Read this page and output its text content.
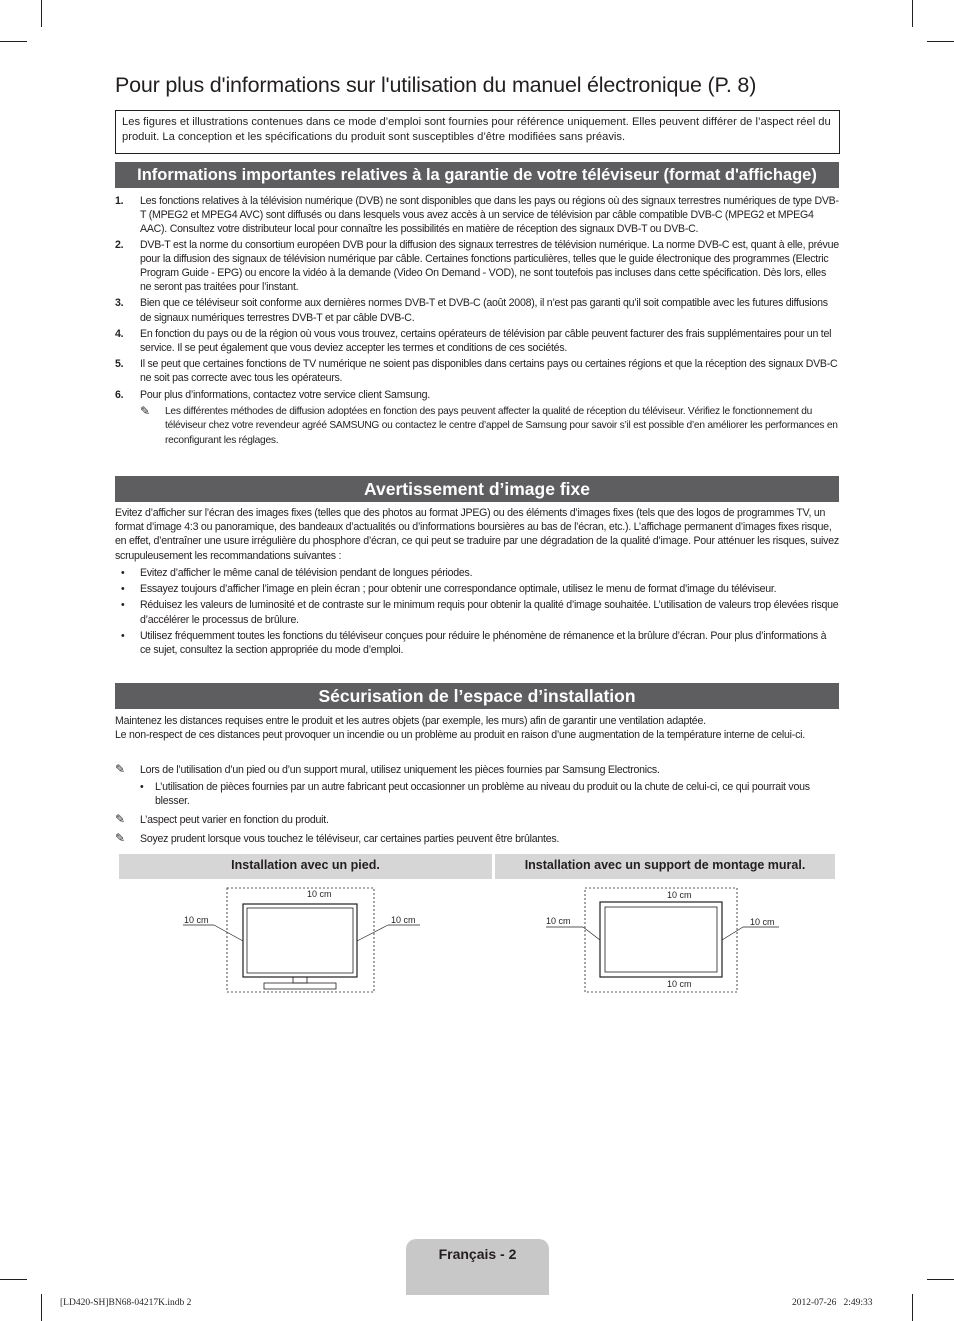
Pour plus d'informations sur l'utilisation du manuel électronique (P. 8)
Les figures et illustrations contenues dans ce mode d’emploi sont fournies pour référence uniquement. Elles peuvent différer de l’aspect réel du produit. La conception et les spécifications du produit sont susceptibles d’être modifiées sans préavis.
Informations importantes relatives à la garantie de votre téléviseur (format d'affichage)
1. Les fonctions relatives à la télévision numérique (DVB) ne sont disponibles que dans les pays ou régions où des signaux terrestres numériques de type DVB-T (MPEG2 et MPEG4 AVC) sont diffusés ou dans lesquels vous avez accès à un service de télévision par câble compatible DVB-C (MPEG2 et MPEG4 AAC). Consultez votre distributeur local pour connaître les possibilités en matière de réception des signaux DVB-T ou DVB-C.
2. DVB-T est la norme du consortium européen DVB pour la diffusion des signaux terrestres de télévision numérique. La norme DVB-C est, quant à elle, prévue pour la diffusion des signaux de télévision numérique par câble. Certaines fonctions particulières, telles que le guide électronique des programmes (Electric Program Guide - EPG) ou encore la vidéo à la demande (Video On Demand - VOD), ne sont toutefois pas incluses dans cette spécification. Dès lors, elles ne seront pas traitées pour l’instant.
3. Bien que ce téléviseur soit conforme aux dernières normes DVB-T et DVB-C (août 2008), il n’est pas garanti qu’il soit compatible avec les futures diffusions de signaux numériques terrestres DVB-T et par câble DVB-C.
4. En fonction du pays ou de la région où vous vous trouvez, certains opérateurs de télévision par câble peuvent facturer des frais supplémentaires pour un tel service. Il se peut également que vous deviez accepter les termes et conditions de ces sociétés.
5. Il se peut que certaines fonctions de TV numérique ne soient pas disponibles dans certains pays ou certaines régions et que la réception des signaux DVB-C ne soit pas correcte avec tous les opérateurs.
6. Pour plus d’informations, contactez votre service client Samsung.
✎ Les différentes méthodes de diffusion adoptées en fonction des pays peuvent affecter la qualité de réception du téléviseur. Vérifiez le fonctionnement du téléviseur chez votre revendeur agréé SAMSUNG ou contactez le centre d’appel de Samsung pour savoir s’il est possible d’en améliorer les performances en reconfigurant les réglages.
Avertissement d’image fixe

Evitez d’afficher sur l’écran des images fixes (telles que des photos au format JPEG) ou des éléments d’images fixes (tels que des logos de programmes TV, un format d’image 4:3 ou panoramique, des bandeaux d’actualités ou d’informations boursières au bas de l’écran, etc.). L’affichage permanent d’images fixes risque, en effet, d’entraîner une usure irrégulière du phosphore d’écran, ce qui peut se traduire par une dégradation de la qualité d’image. Pour atténuer les risques, suivez scrupuleusement les recommandations suivantes :

• Evitez d’afficher le même canal de télévision pendant de longues périodes.
• Essayez toujours d’afficher l’image en plein écran ; pour obtenir une correspondance optimale, utilisez le menu de format d’image du téléviseur.
• Réduisez les valeurs de luminosité et de contraste sur le minimum requis pour obtenir la qualité d’image souhaitée. L’utilisation de valeurs trop élevées risque d’accélérer le processus de brûlure.
• Utilisez fréquemment toutes les fonctions du téléviseur conçues pour réduire le phénomène de rémanence et la brûlure d’écran. Pour plus d’informations à ce sujet, consultez la section appropriée du mode d’emploi.
Sécurisation de l’espace d’installation

Maintenez les distances requises entre le produit et les autres objets (par exemple, les murs) afin de garantir une ventilation adaptée.
Le non-respect de ces distances peut provoquer un incendie ou un problème au produit en raison d’une augmentation de la température interne de celui-ci.

✎ Lors de l’utilisation d’un pied ou d’un support mural, utilisez uniquement les pièces fournies par Samsung Electronics.
• L’utilisation de pièces fournies par un autre fabricant peut occasionner un problème au niveau du produit ou la chute de celui-ci, ce qui pourrait vous blesser.
✎ L’aspect peut varier en fonction du produit.
✎ Soyez prudent lorsque vous touchez le téléviseur, car certaines parties peuvent être brûlantes.
Installation avec un pied.	Installation avec un support de montage mural.
10 cm	10 cm
10 cm
10 cm	10 cm
10 cm
10 cm
Français - 2
[LD420-SH]BN68-04217K.indb 2	2012-07-26   2:49:33
